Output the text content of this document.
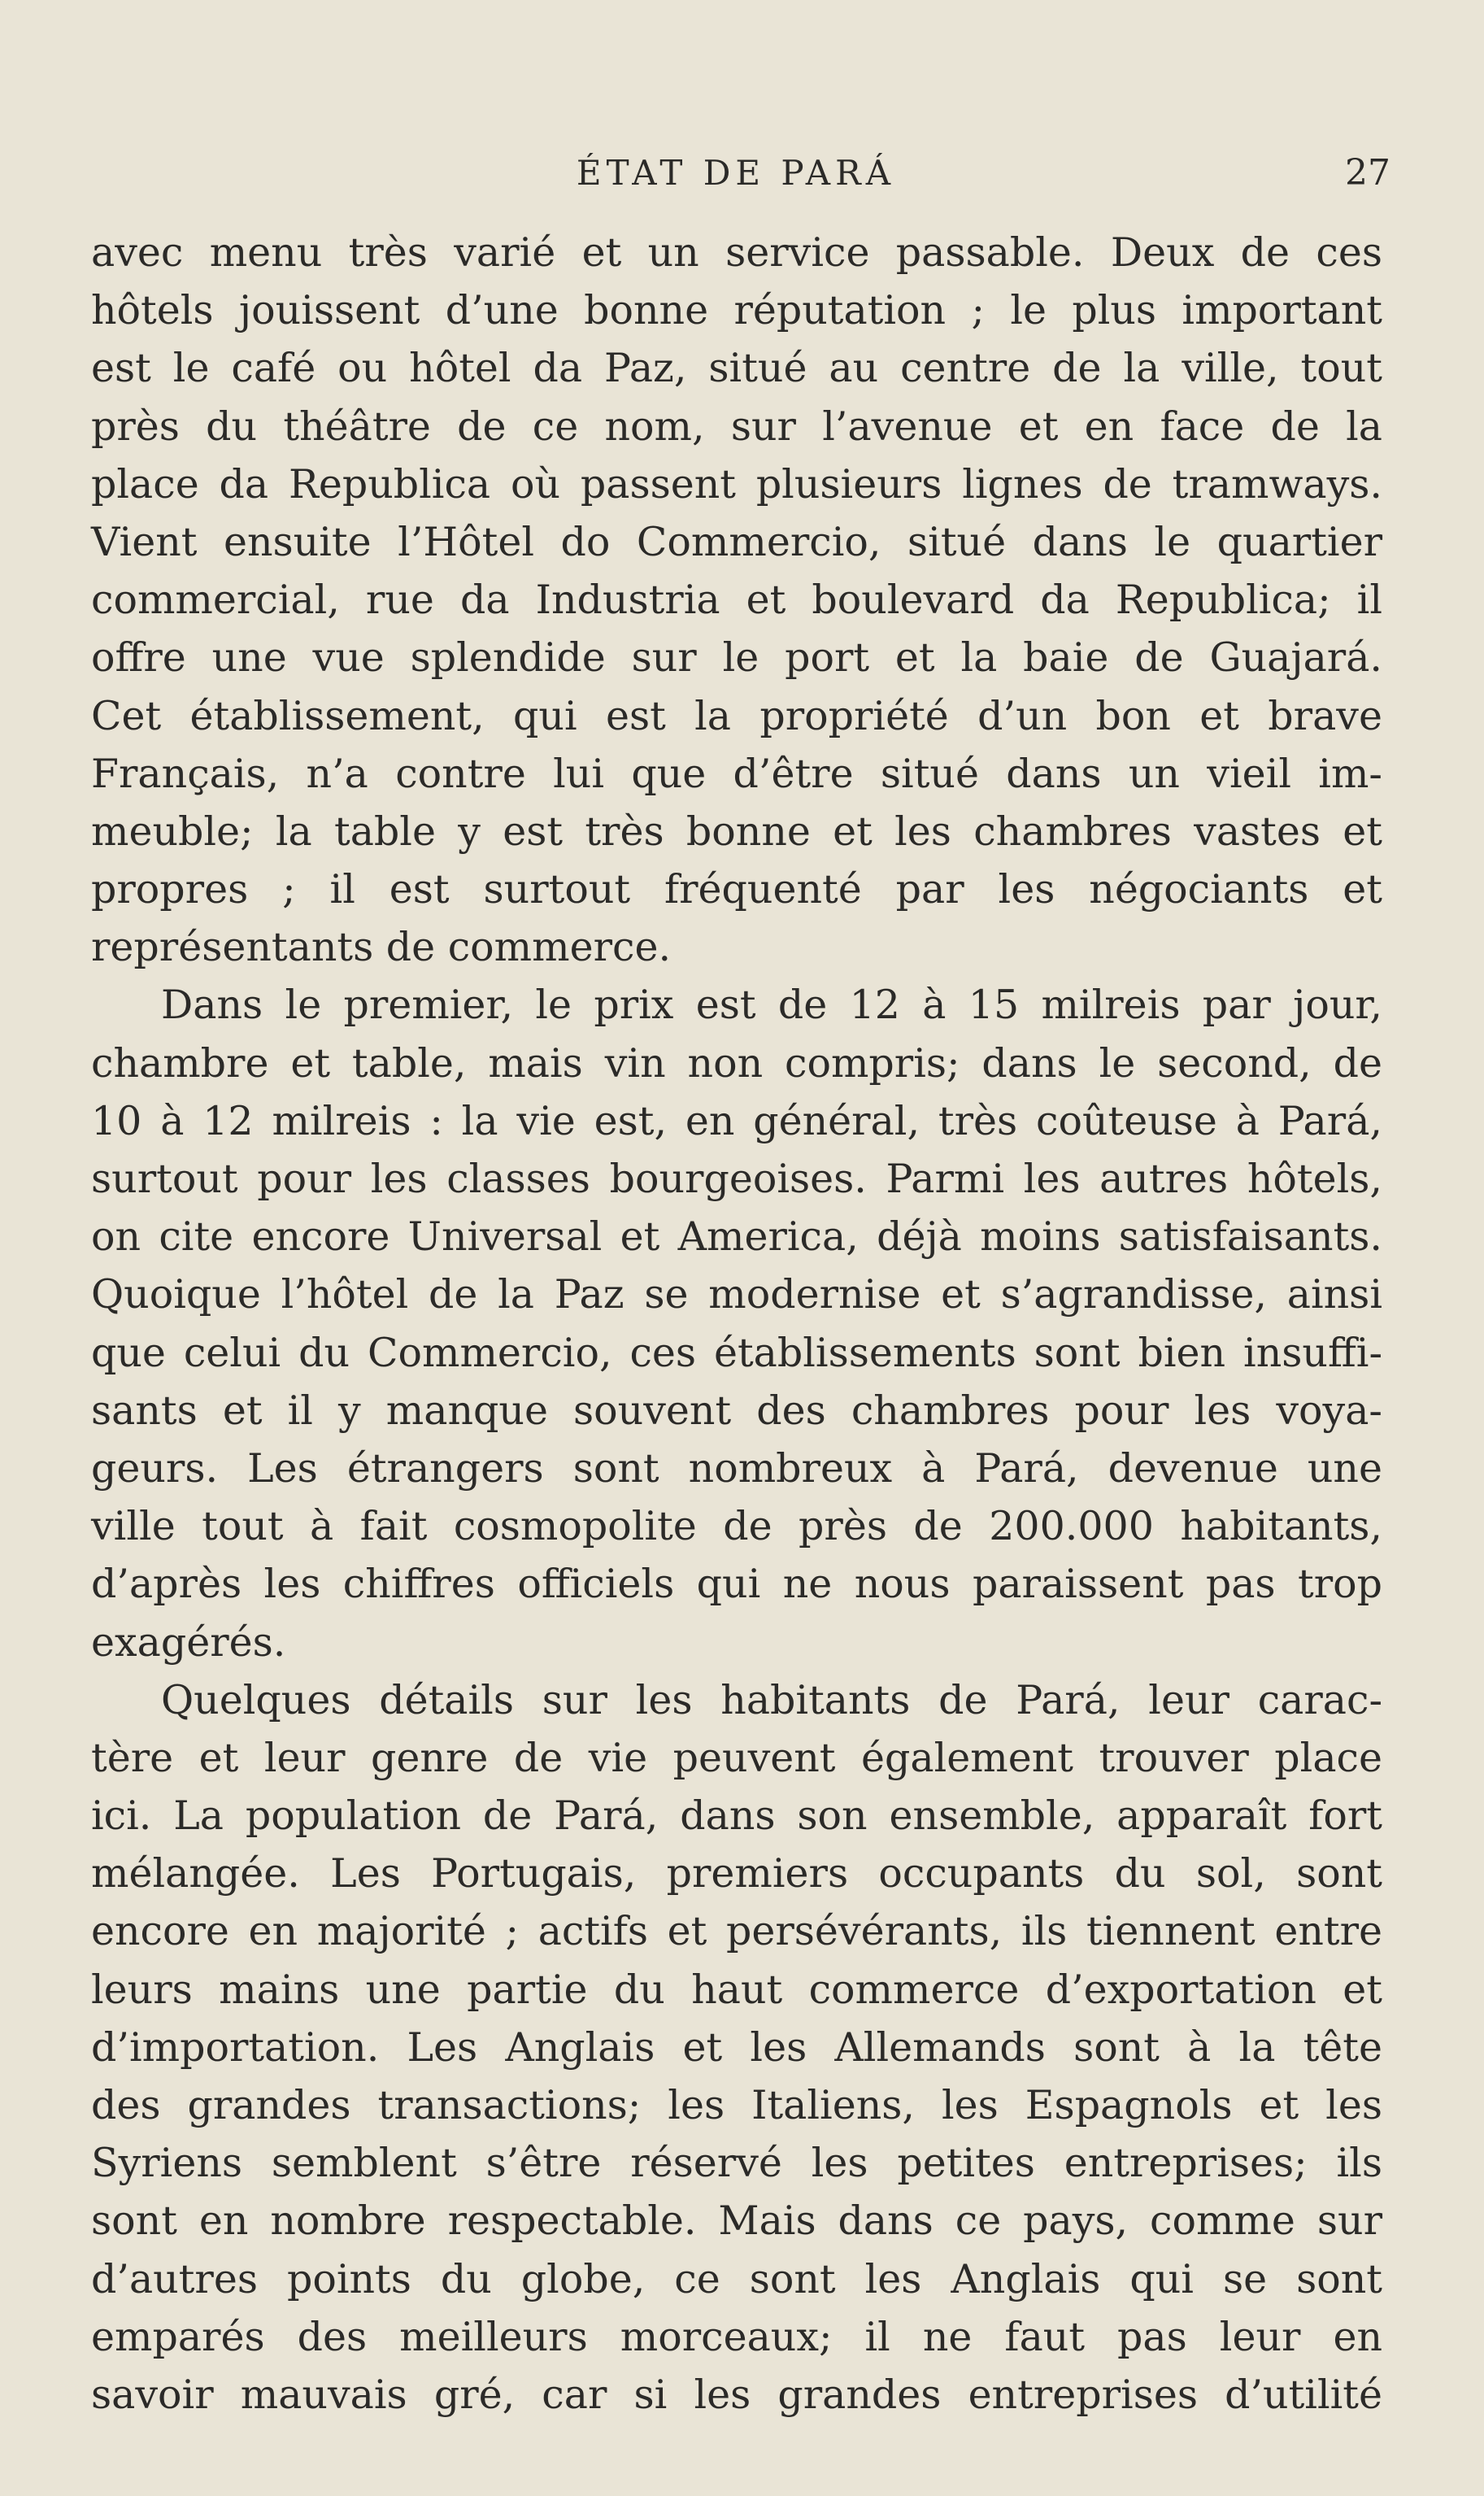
ÉTAT DE PARÁ	27
avec menu très varié et un service passable. Deux de ces
hôtels jouissent d’une bonne réputation ; le plus important
est le café ou hôtel da Paz, situé au centre de la ville, tout
près du théâtre de ce nom, sur l’avenue et en face de la
place da Republica où passent plusieurs lignes de tramways.
Vient ensuite l’Hôtel do Commercio, situé dans le quartier
commercial, rue da Industria et boulevard da Republica; il
offre une vue splendide sur le port et la baie de Guajará.
Cet établissement, qui est la propriété d’un bon et brave
Français, n’a contre lui que d’être situé dans un vieil im-
meuble; la table y est très bonne et les chambres vastes et
propres ; il est surtout fréquenté par les négociants et
représentants de commerce.
Dans le premier, le prix est de 12 à 15 milreis par jour,
chambre et table, mais vin non compris; dans le second, de
10 à 12 milreis : la vie est, en général, très coûteuse à Pará,
surtout pour les classes bourgeoises. Parmi les autres hôtels,
on cite encore Universal et America, déjà moins satisfaisants.
Quoique l’hôtel de la Paz se modernise et s’agrandisse, ainsi
que celui du Commercio, ces établissements sont bien insuffi-
sants et il y manque souvent des chambres pour les voya-
geurs. Les étrangers sont nombreux à Pará, devenue une
ville tout à fait cosmopolite de près de 200.000 habitants,
d’après les chiffres officiels qui ne nous paraissent pas trop
exagérés.
Quelques détails sur les habitants de Pará, leur carac-
tère et leur genre de vie peuvent également trouver place
ici. La population de Pará, dans son ensemble, apparaît fort
mélangée. Les Portugais, premiers occupants du sol, sont
encore en majorité ; actifs et persévérants, ils tiennent entre
leurs mains une partie du haut commerce d’exportation et
d’importation. Les Anglais et les Allemands sont à la tête
des grandes transactions; les Italiens, les Espagnols et les
Syriens semblent s’être réservé les petites entreprises; ils
sont en nombre respectable. Mais dans ce pays, comme sur
d’autres points du globe, ce sont les Anglais qui se sont
emparés des meilleurs morceaux; il ne faut pas leur en
savoir mauvais gré, car si les grandes entreprises d’utilité
